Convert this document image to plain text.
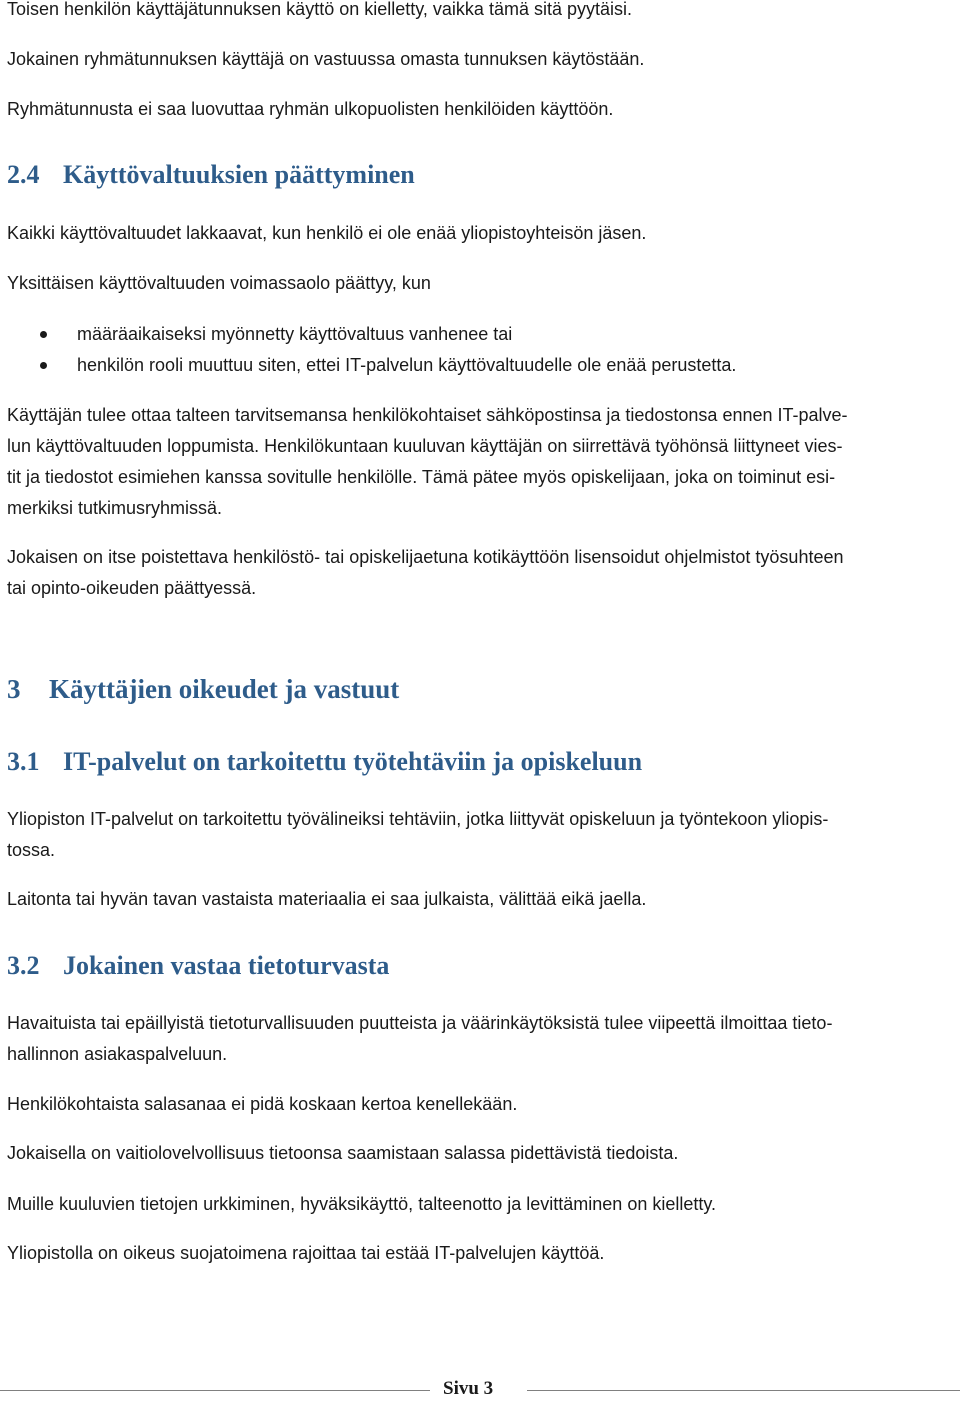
Toisen henkilön käyttäjätunnuksen käyttö on kielletty, vaikka tämä sitä pyytäisi.

Jokainen ryhmätunnuksen käyttäjä on vastuussa omasta tunnuksen käytöstään.

Ryhmätunnusta ei saa luovuttaa ryhmän ulkopuolisten henkilöiden käyttöön.

2.4 Käyttövaltuuksien päättyminen

Kaikki käyttövaltuudet lakkaavat, kun henkilö ei ole enää yliopistoyhteisön jäsen.

Yksittäisen käyttövaltuuden voimassaolo päättyy, kun

määräaikaiseksi myönnetty käyttövaltuus vanhenee tai
henkilön rooli muuttuu siten, ettei IT-palvelun käyttövaltuudelle ole enää perustetta.

Käyttäjän tulee ottaa talteen tarvitsemansa henkilökohtaiset sähköpostinsa ja tiedostonsa ennen IT-palve-

lun käyttövaltuuden loppumista. Henkilökuntaan kuuluvan käyttäjän on siirrettävä työhönsä liittyneet vies-

tit ja tiedostot esimiehen kanssa sovitulle henkilölle. Tämä pätee myös opiskelijaan, joka on toiminut esi-

merkiksi tutkimusryhmissä.

Jokaisen on itse poistettava henkilöstö- tai opiskelijaetuna kotikäyttöön lisensoidut ohjelmistot työsuhteen

tai opinto-oikeuden päättyessä.

3 Käyttäjien oikeudet ja vastuut
3.1 IT-palvelut on tarkoitettu työtehtäviin ja opiskeluun

Yliopiston IT-palvelut on tarkoitettu työvälineiksi tehtäviin, jotka liittyvät opiskeluun ja työntekoon yliopis-

tossa.

Laitonta tai hyvän tavan vastaista materiaalia ei saa julkaista, välittää eikä jaella.

3.2 Jokainen vastaa tietoturvasta

Havaituista tai epäillyistä tietoturvallisuuden puutteista ja väärinkäytöksistä tulee viipeettä ilmoittaa tieto-

hallinnon asiakaspalveluun.

Henkilökohtaista salasanaa ei pidä koskaan kertoa kenellekään.

Jokaisella on vaitiolovelvollisuus tietoonsa saamistaan salassa pidettävistä tiedoista.

Muille kuuluvien tietojen urkkiminen, hyväksikäyttö, talteenotto ja levittäminen on kielletty.

Yliopistolla on oikeus suojatoimena rajoittaa tai estää IT-palvelujen käyttöä.

Sivu 3
